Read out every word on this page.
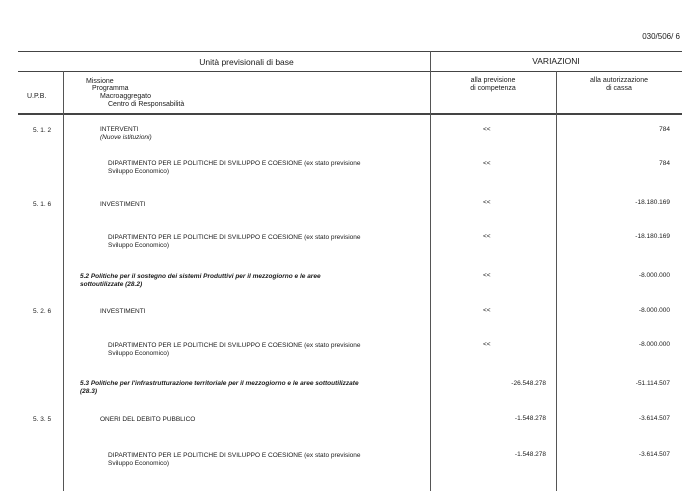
030/506/ 6
Unità previsionali di base	VARIAZIONI
U.P.B.
Missione
Programma
Macroaggregato
Centro di Responsabilità
alla previsione
di competenza
alla autorizzazione
di cassa
5. 1. 2	INTERVENTI
(Nuove istituzioni)
<<	784
DIPARTIMENTO PER LE POLITICHE DI SVILUPPO E COESIONE (ex stato previsione
Sviluppo Economico)
<<	784
5. 1. 6	INVESTIMENTI	<<	-18.180.169
DIPARTIMENTO PER LE POLITICHE DI SVILUPPO E COESIONE (ex stato previsione
Sviluppo Economico)
<<	-18.180.169
5.2 Politiche per il sostegno dei sistemi Produttivi per il mezzogiorno e le aree
sottoutilizzate (28.2)
<<	-8.000.000
5. 2. 6	INVESTIMENTI	<<	-8.000.000
DIPARTIMENTO PER LE POLITICHE DI SVILUPPO E COESIONE (ex stato previsione
Sviluppo Economico)
<<	-8.000.000
5.3 Politiche per l'infrastrutturazione territoriale per il mezzogiorno e le aree sottoutilizzate
(28.3)
-26.548.278	-51.114.507
5. 3. 5	ONERI DEL DEBITO PUBBLICO	-1.548.278	-3.614.507
DIPARTIMENTO PER LE POLITICHE DI SVILUPPO E COESIONE (ex stato previsione
Sviluppo Economico)
-1.548.278	-3.614.507
